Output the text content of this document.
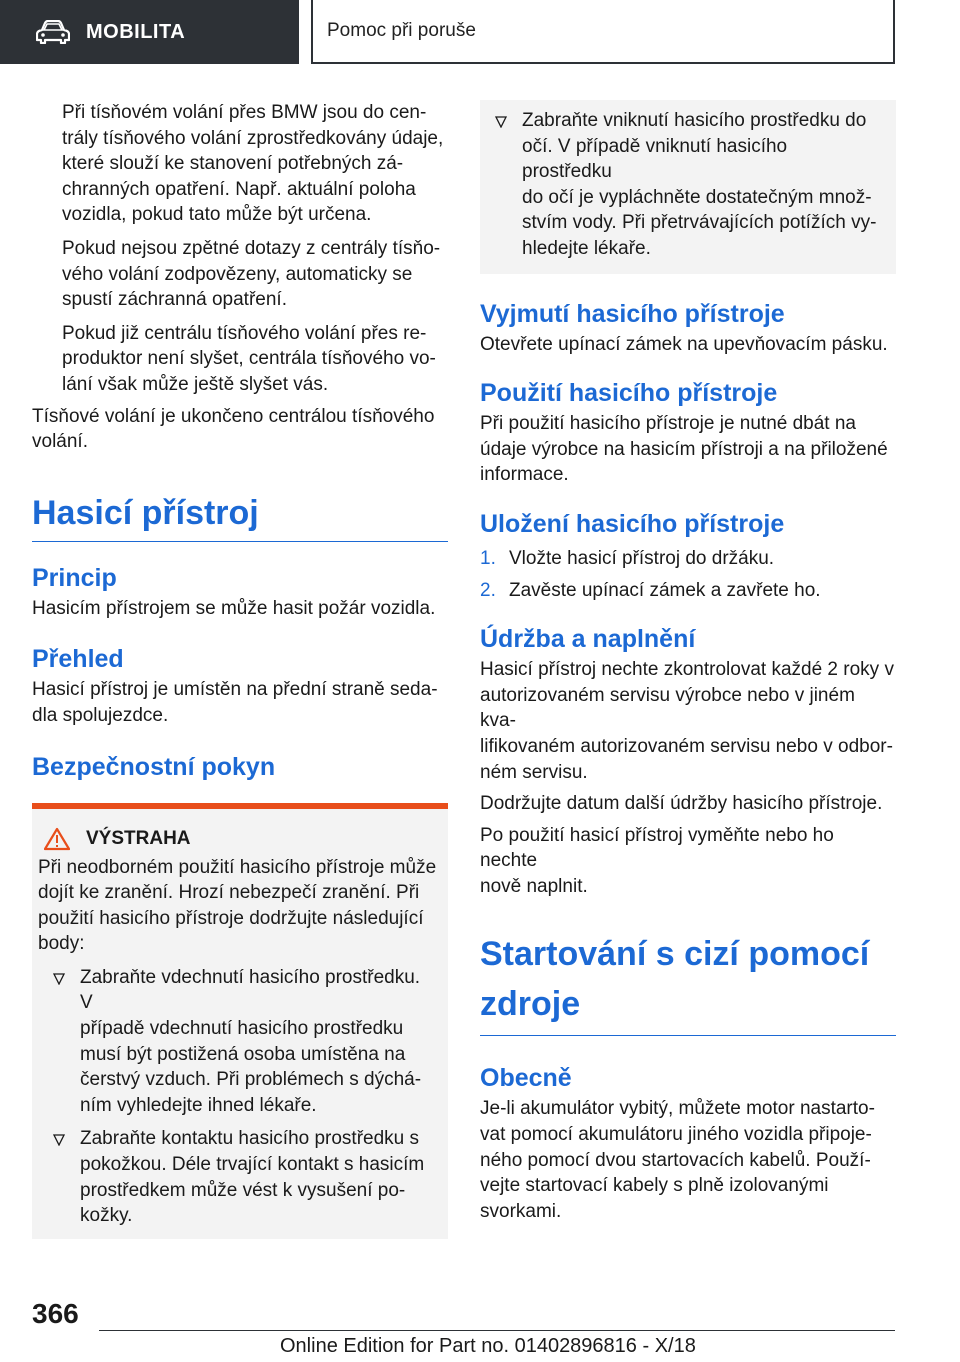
MOBILITA	Pomoc při poruše

Při tísňovém volání přes BMW jsou do cen-
trály tísňového volání zprostředkovány údaje,
které slouží ke stanovení potřebných zá-
chranných opatření. Např. aktuální poloha
vozidla, pokud tato může být určena.

Pokud nejsou zpětné dotazy z centrály tísňo-
vého volání zodpovězeny, automaticky se
spustí záchranná opatření.

Pokud již centrálu tísňového volání přes re-
produktor není slyšet, centrála tísňového vo-
lání však může ještě slyšet vás.

Tísňové volání je ukončeno centrálou tísňového
volání.

Hasicí přístroj
Princip

Hasicím přístrojem se může hasit požár vozidla.

Přehled

Hasicí přístroj je umístěn na přední straně seda-
dla spolujezdce.

Bezpečnostní pokyn
VÝSTRAHA

Při neodborném použití hasicího přístroje může
dojít ke zranění. Hrozí nebezpečí zranění. Při
použití hasicího přístroje dodržujte následující
body:

Zabraňte vdechnutí hasicího prostředku. V
případě vdechnutí hasicího prostředku
musí být postižená osoba umístěna na
čerstvý vzduch. Při problémech s dýchá-
ním vyhledejte ihned lékaře.
Zabraňte kontaktu hasicího prostředku s
pokožkou. Déle trvající kontakt s hasicím
prostředkem může vést k vysušení po-
kožky.
Zabraňte vniknutí hasicího prostředku do
očí. V případě vniknutí hasicího prostředku
do očí je vypláchněte dostatečným množ-
stvím vody. Při přetrvávajících potížích vy-
hledejte lékaře.
Vyjmutí hasicího přístroje

Otevřete upínací zámek na upevňovacím pásku.

Použití hasicího přístroje

Při použití hasicího přístroje je nutné dbát na
údaje výrobce na hasicím přístroji a na přiložené
informace.

Uložení hasicího přístroje
1. Vložte hasicí přístroj do držáku.
2. Zavěste upínací zámek a zavřete ho.
Údržba a naplnění

Hasicí přístroj nechte zkontrolovat každé 2 roky v
autorizovaném servisu výrobce nebo v jiném kva-
lifikovaném autorizovaném servisu nebo v odbor-
ném servisu.

Dodržujte datum další údržby hasicího přístroje.

Po použití hasicí přístroj vyměňte nebo ho nechte
nově naplnit.

Startování s cizí pomocí
zdroje
Obecně

Je-li akumulátor vybitý, můžete motor nastarto-
vat pomocí akumulátoru jiného vozidla připoje-
ného pomocí dvou startovacích kabelů. Použí-
vejte startovací kabely s plně izolovanými
svorkami.

366
Online Edition for Part no. 01402896816 - X/18
